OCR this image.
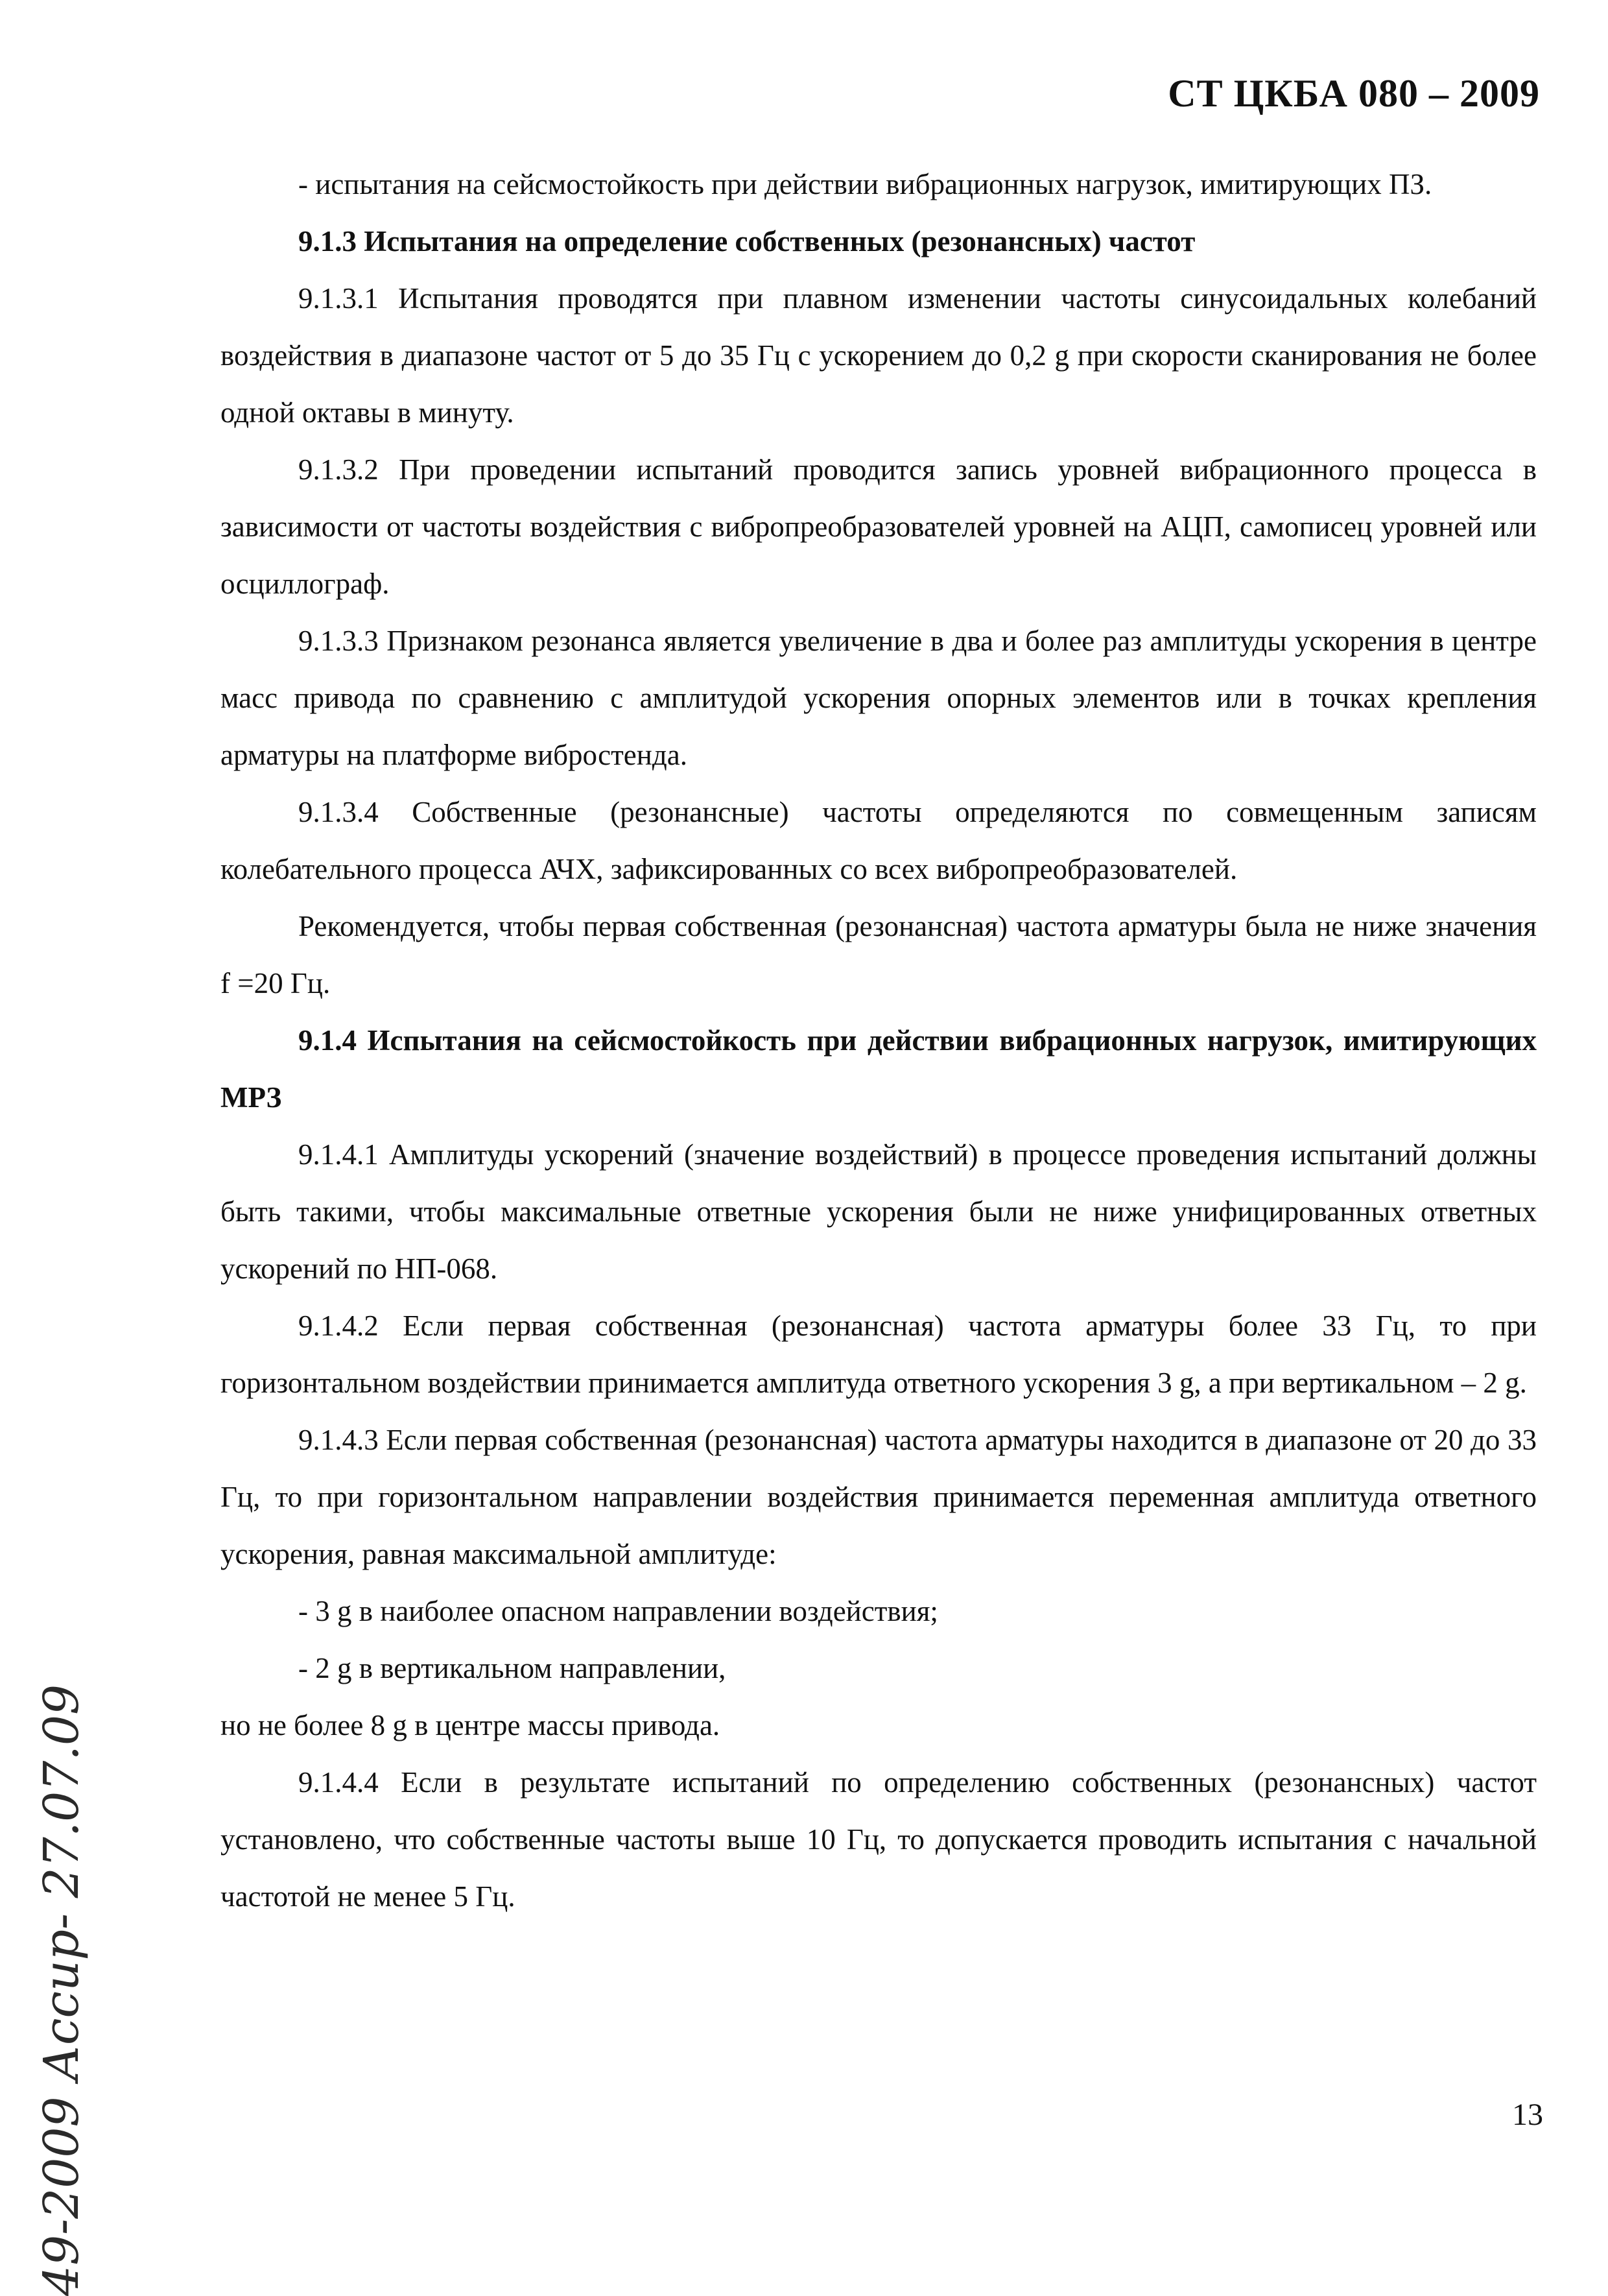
СТ ЦКБА 080 – 2009

- испытания на сейсмостойкость при действии вибрационных нагрузок, имитирующих ПЗ.

9.1.3 Испытания на определение собственных (резонансных) частот

9.1.3.1 Испытания проводятся при плавном изменении частоты синусоидальных колебаний воздействия в диапазоне частот от 5 до 35 Гц с ускорением до 0,2 g при скорости сканирования не более одной октавы в минуту.

9.1.3.2 При проведении испытаний проводится запись уровней вибрационного процесса в зависимости от частоты воздействия с вибропреобразователей уровней на АЦП, самописец уровней или осциллограф.

9.1.3.3 Признаком резонанса является увеличение в два и более раз амплитуды ускорения в центре масс привода по сравнению с амплитудой ускорения опорных элементов или в точках крепления арматуры на платформе вибростенда.

9.1.3.4 Собственные (резонансные) частоты определяются по совмещенным записям колебательного процесса АЧХ, зафиксированных со всех вибропреобразователей.

Рекомендуется, чтобы первая собственная (резонансная) частота арматуры была не ниже значения f =20 Гц.

9.1.4 Испытания на сейсмостойкость при действии вибрационных нагрузок, имитирующих МРЗ

9.1.4.1 Амплитуды ускорений (значение воздействий) в процессе проведения испытаний должны быть такими, чтобы максимальные ответные ускорения были не ниже унифицированных ответных ускорений по НП-068.

9.1.4.2 Если первая собственная (резонансная) частота арматуры более 33 Гц, то при горизонтальном воздействии принимается амплитуда ответного ускорения 3 g, а при вертикальном – 2 g.

9.1.4.3 Если первая собственная (резонансная) частота арматуры находится в диапазоне от 20 до 33 Гц, то при горизонтальном направлении воздействия принимается переменная амплитуда ответного ускорения, равная максимальной амплитуде:

- 3 g в наиболее опасном направлении воздействия;

- 2 g в вертикальном направлении,

но не более 8 g в центре массы привода.

9.1.4.4 Если в результате испытаний по определению собственных (резонансных) частот установлено, что собственные частоты выше 10 Гц, то допускается проводить испытания с начальной частотой не менее 5 Гц.

49-2009 Ассир- 27.07.09	13
